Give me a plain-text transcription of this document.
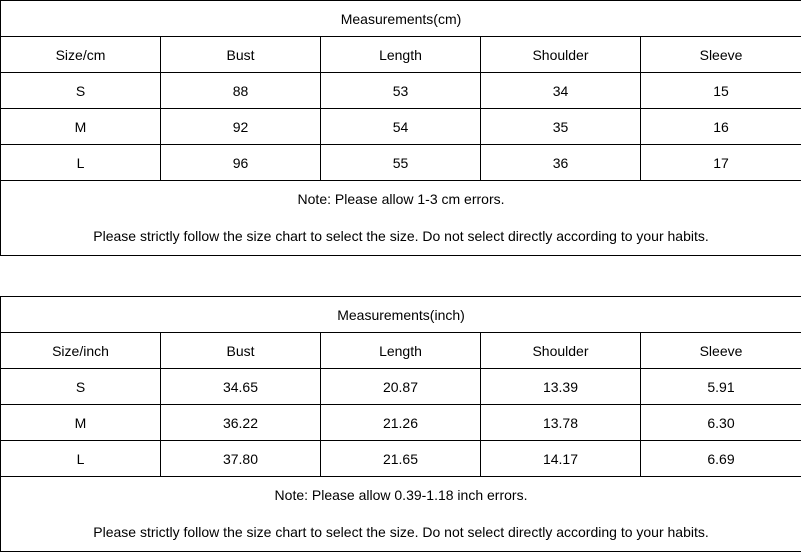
Measurements(cm)				
Size/cm	Bust	Length	Shoulder	Sleeve
S	88	53	34	15
M	92	54	35	16
L	96	55	36	17

Note: Please allow 1-3 cm errors.
Please strictly follow the size chart to select the size. Do not select directly according to your habits.				
Measurements(inch)				
Size/inch	Bust	Length	Shoulder	Sleeve
S	34.65	20.87	13.39	5.91
M	36.22	21.26	13.78	6.30
L	37.80	21.65	14.17	6.69

Note: Please allow 0.39-1.18 inch errors.
Please strictly follow the size chart to select the size. Do not select directly according to your habits.				
